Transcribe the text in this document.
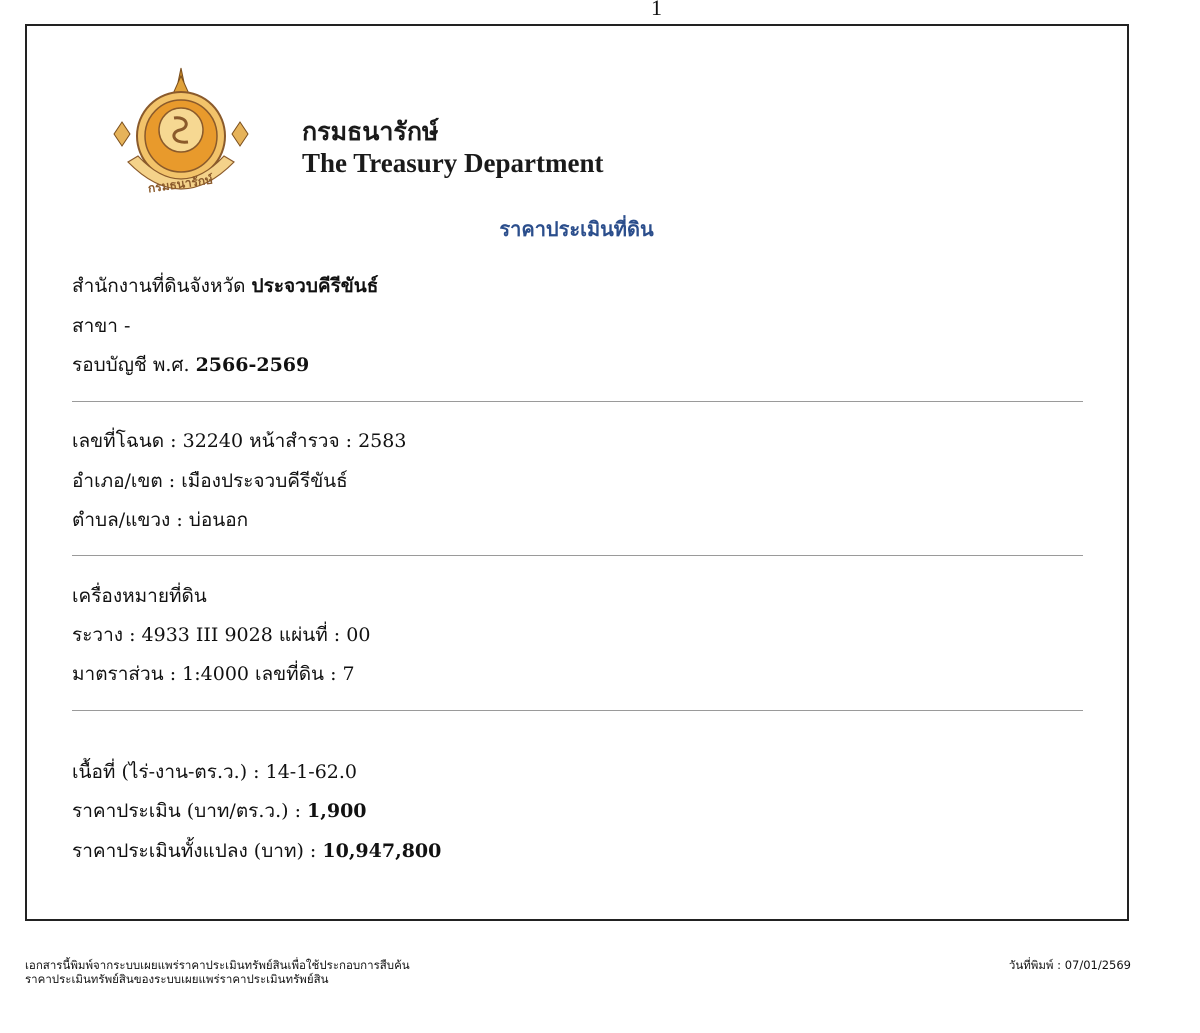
1
กรมธนารักษ์
กรมธนารักษ์
The Treasury Department
ราคาประเมินที่ดิน
สำนักงานที่ดินจังหวัด ประจวบคีรีขันธ์
สาขา -
รอบบัญชี พ.ศ. 2566-2569
เลขที่โฉนด : 32240 หน้าสำรวจ : 2583
อำเภอ/เขต : เมืองประจวบคีรีขันธ์
ตำบล/แขวง : บ่อนอก
เครื่องหมายที่ดิน
ระวาง : 4933 III 9028 แผ่นที่ : 00
มาตราส่วน : 1:4000 เลขที่ดิน : 7
เนื้อที่ (ไร่-งาน-ตร.ว.) : 14-1-62.0
ราคาประเมิน (บาท/ตร.ว.) : 1,900
ราคาประเมินทั้งแปลง (บาท) : 10,947,800
เอกสารนี้พิมพ์จากระบบเผยแพร่ราคาประเมินทรัพย์สินเพื่อใช้ประกอบการสืบค้น
ราคาประเมินทรัพย์สินของระบบเผยแพร่ราคาประเมินทรัพย์สิน
วันที่พิมพ์ : 07/01/2569
